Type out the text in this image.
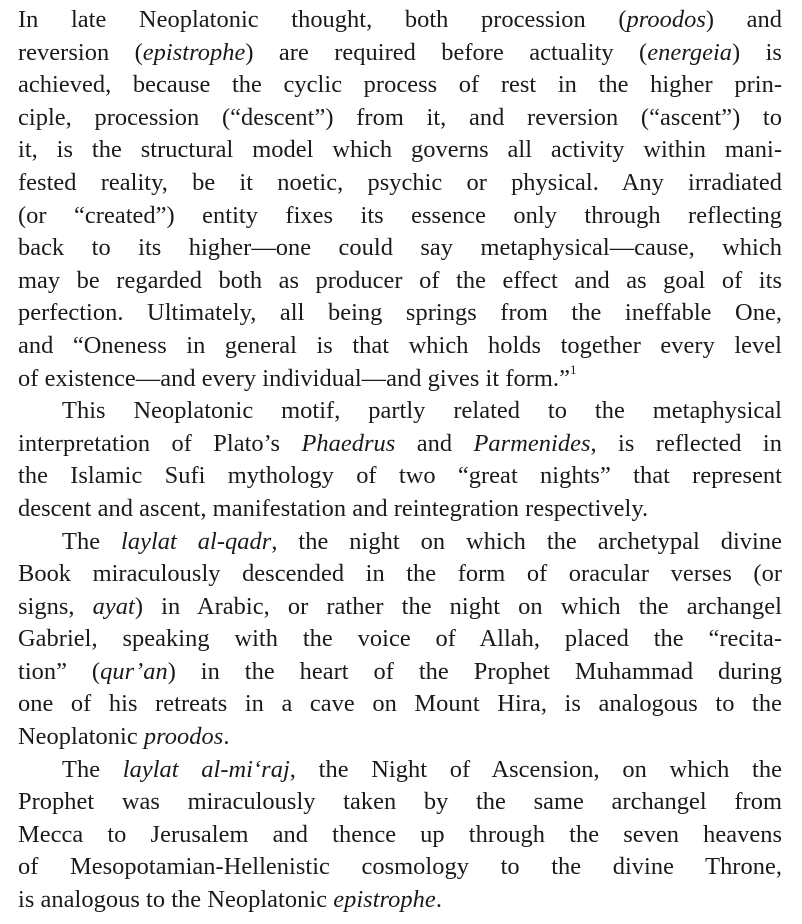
In late Neoplatonic thought, both procession (proodos) and
reversion (epistrophe) are required before actuality (energeia) is
achieved, because the cyclic process of rest in the higher prin-
ciple, procession (“descent”) from it, and reversion (“ascent”) to
it, is the structural model which governs all activity within mani-
fested reality, be it noetic, psychic or physical. Any irradiated
(or “created”) entity fixes its essence only through reflecting
back to its higher—one could say metaphysical—cause, which
may be regarded both as producer of the effect and as goal of its
perfection. Ultimately, all being springs from the ineffable One,
and “Oneness in general is that which holds together every level
of existence—and every individual—and gives it form.”$^1$
This Neoplatonic motif, partly related to the metaphysical
interpretation of Plato’s Phaedrus and Parmenides, is reflected in
the Islamic Sufi mythology of two “great nights” that represent
descent and ascent, manifestation and reintegration respectively.
The laylat al-qadr, the night on which the archetypal divine
Book miraculously descended in the form of oracular verses (or
signs, ayat) in Arabic, or rather the night on which the archangel
Gabriel, speaking with the voice of Allah, placed the “recita-
tion” (qur’an) in the heart of the Prophet Muhammad during
one of his retreats in a cave on Mount Hira, is analogous to the
Neoplatonic proodos.
The laylat al-mi‘raj, the Night of Ascension, on which the
Prophet was miraculously taken by the same archangel from
Mecca to Jerusalem and thence up through the seven heavens
of Mesopotamian-Hellenistic cosmology to the divine Throne,
is analogous to the Neoplatonic epistrophe.
